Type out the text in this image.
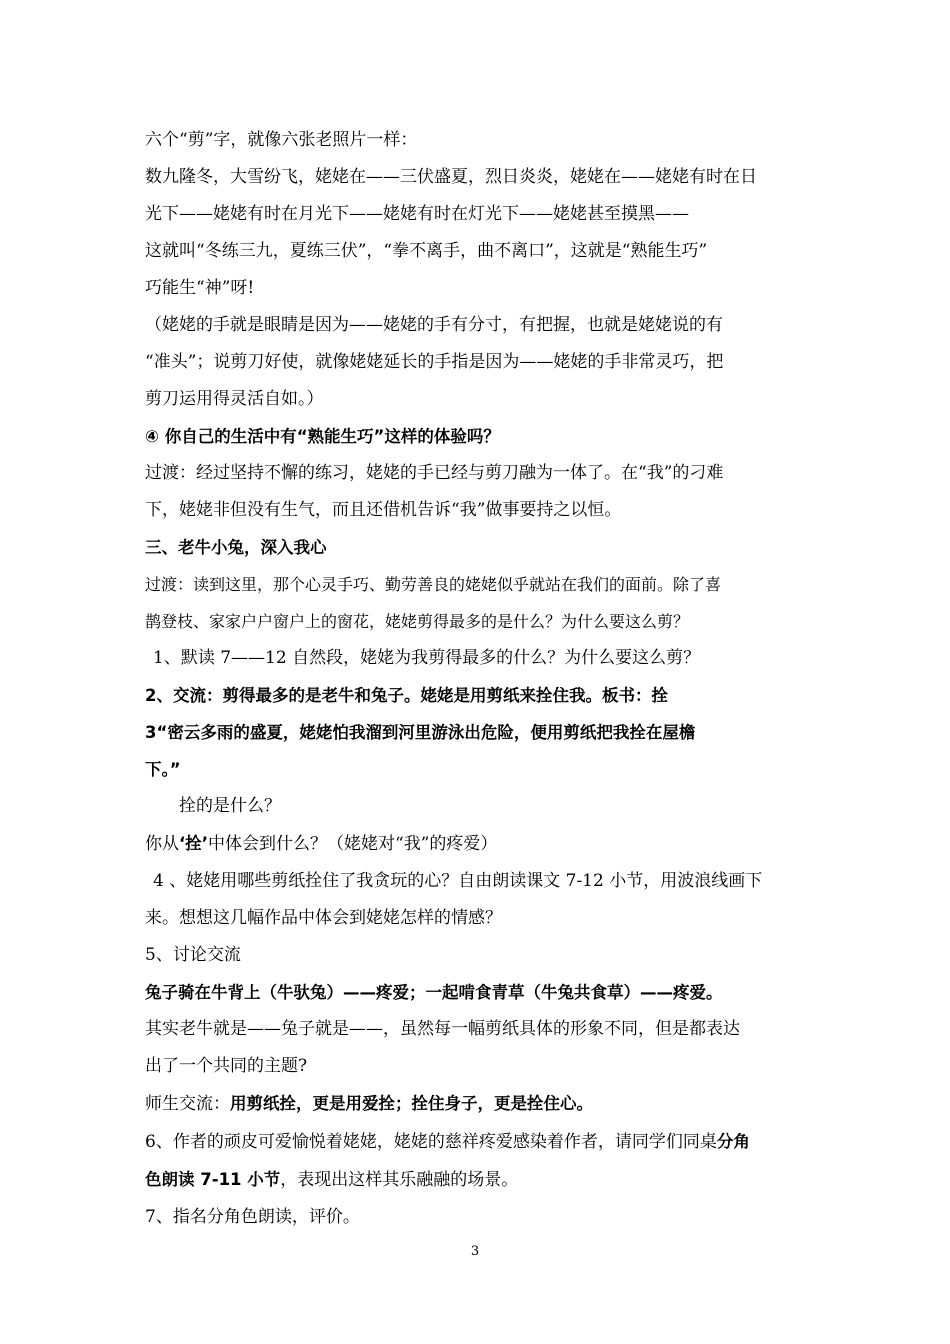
六个“剪”字，就像六张老照片一样：
数九隆冬，大雪纷飞，姥姥在——三伏盛夏，烈日炎炎，姥姥在——姥姥有时在日
光下——姥姥有时在月光下——姥姥有时在灯光下——姥姥甚至摸黑——
这就叫“冬练三九，夏练三伏”，“拳不离手，曲不离口”，这就是“熟能生巧”
巧能生“神”呀!
（姥姥的手就是眼睛是因为——姥姥的手有分寸，有把握，也就是姥姥说的有
“准头”；说剪刀好使，就像姥姥延长的手指是因为——姥姥的手非常灵巧，把
剪刀运用得灵活自如。）
④ 你自己的生活中有“熟能生巧”这样的体验吗？
过渡：经过坚持不懈的练习，姥姥的手已经与剪刀融为一体了。在“我”的刁难
下，姥姥非但没有生气，而且还借机告诉“我”做事要持之以恒。
三、老牛小兔，深入我心
过渡：读到这里，那个心灵手巧、勤劳善良的姥姥似乎就站在我们的面前。除了喜
鹊登枝、家家户户窗户上的窗花，姥姥剪得最多的是什么？为什么要这么剪？
1、默读 7——12 自然段，姥姥为我剪得最多的什么？为什么要这么剪？
2、交流：剪得最多的是老牛和兔子。姥姥是用剪纸来拴住我。板书：拴
3“密云多雨的盛夏，姥姥怕我溜到河里游泳出危险，便用剪纸把我拴在屋檐
下。”
拴的是什么？
你从‘拴’中体会到什么？（姥姥对“我”的疼爱）
4 、姥姥用哪些剪纸拴住了我贪玩的心？自由朗读课文 7-12 小节，用波浪线画下
来。想想这几幅作品中体会到姥姥怎样的情感？
5、讨论交流
兔子骑在牛背上（牛驮兔）——疼爱；一起啃食青草（牛兔共食草）——疼爱。
其实老牛就是——兔子就是——，虽然每一幅剪纸具体的形象不同，但是都表达
出了一个共同的主题?
师生交流：用剪纸拴，更是用爱拴；拴住身子，更是拴住心。
6、作者的顽皮可爱愉悦着姥姥，姥姥的慈祥疼爱感染着作者，请同学们同桌分角
色朗读 7-11 小节，表现出这样其乐融融的场景。
7、指名分角色朗读，评价。
3
